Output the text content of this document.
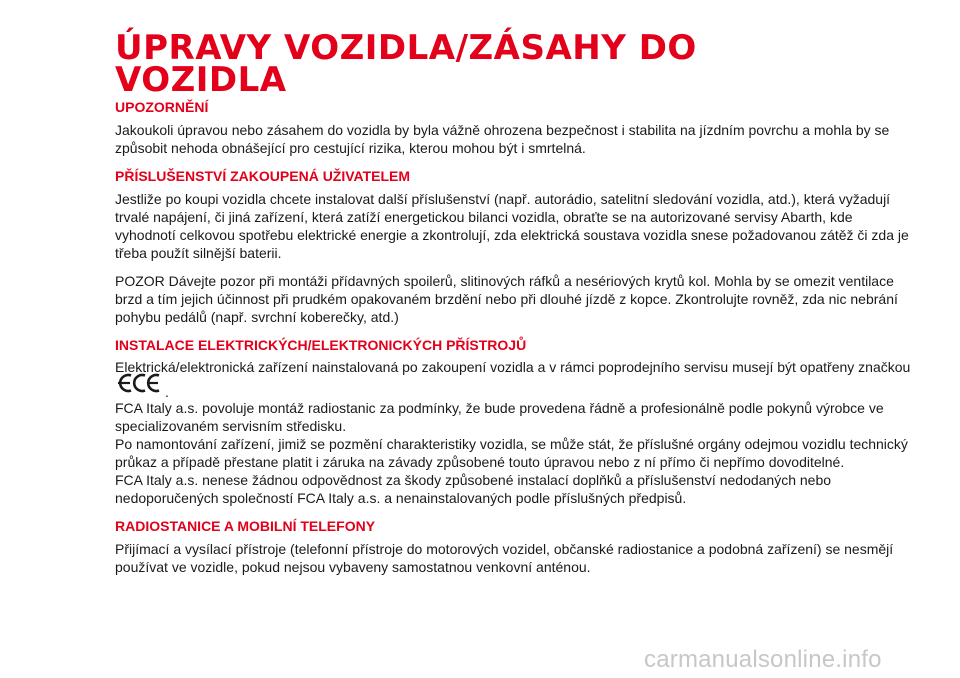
ÚPRAVY VOZIDLA/ZÁSAHY DO
VOZIDLA
UPOZORNĚNÍ

Jakoukoli úpravou nebo zásahem do vozidla by byla vážně ohrozena bezpečnost i stabilita na jízdním povrchu a mohla by se způsobit nehoda obnášející pro cestující rizika, kterou mohou být i smrtelná.

PŘÍSLUŠENSTVÍ ZAKOUPENÁ UŽIVATELEM

Jestliže po koupi vozidla chcete instalovat další příslušenství (např. autorádio, satelitní sledování vozidla, atd.), která vyžadují trvalé napájení, či jiná zařízení, která zatíží energetickou bilanci vozidla, obraťte se na autorizované servisy Abarth, kde vyhodnotí celkovou spotřebu elektrické energie a zkontrolují, zda elektrická soustava vozidla snese požadovanou zátěž či zda je třeba použít silnější baterii.

POZOR Dávejte pozor při montáži přídavných spoilerů, slitinových ráfků a nesériových krytů kol. Mohla by se omezit ventilace brzd a tím jejich účinnost při prudkém opakovaném brzdění nebo při dlouhé jízdě z kopce. Zkontrolujte rovněž, zda nic nebrání pohybu pedálů (např. svrchní koberečky, atd.)

INSTALACE ELEKTRICKÝCH/ELEKTRONICKÝCH PŘÍSTROJŮ

Elektrická/elektronická zařízení nainstalovaná po zakoupení vozidla a v rámci poprodejního servisu musejí být opatřeny značkou

.

FCA Italy a.s. povoluje montáž radiostanic za podmínky, že bude provedena řádně a profesionálně podle pokynů výrobce ve specializovaném servisním středisku.

Po namontování zařízení, jimiž se pozmění charakteristiky vozidla, se může stát, že příslušné orgány odejmou vozidlu technický průkaz a případě přestane platit i záruka na závady způsobené touto úpravou nebo z ní přímo či nepřímo dovoditelné.

FCA Italy a.s. nenese žádnou odpovědnost za škody způsobené instalací doplňků a příslušenství nedodaných nebo nedoporučených společností FCA Italy a.s. a nenainstalovaných podle příslušných předpisů.

RADIOSTANICE A MOBILNÍ TELEFONY

Přijímací a vysílací přístroje (telefonní přístroje do motorových vozidel, občanské radiostanice a podobná zařízení) se nesmějí používat ve vozidle, pokud nejsou vybaveny samostatnou venkovní anténou.

carmanualsonline.info
